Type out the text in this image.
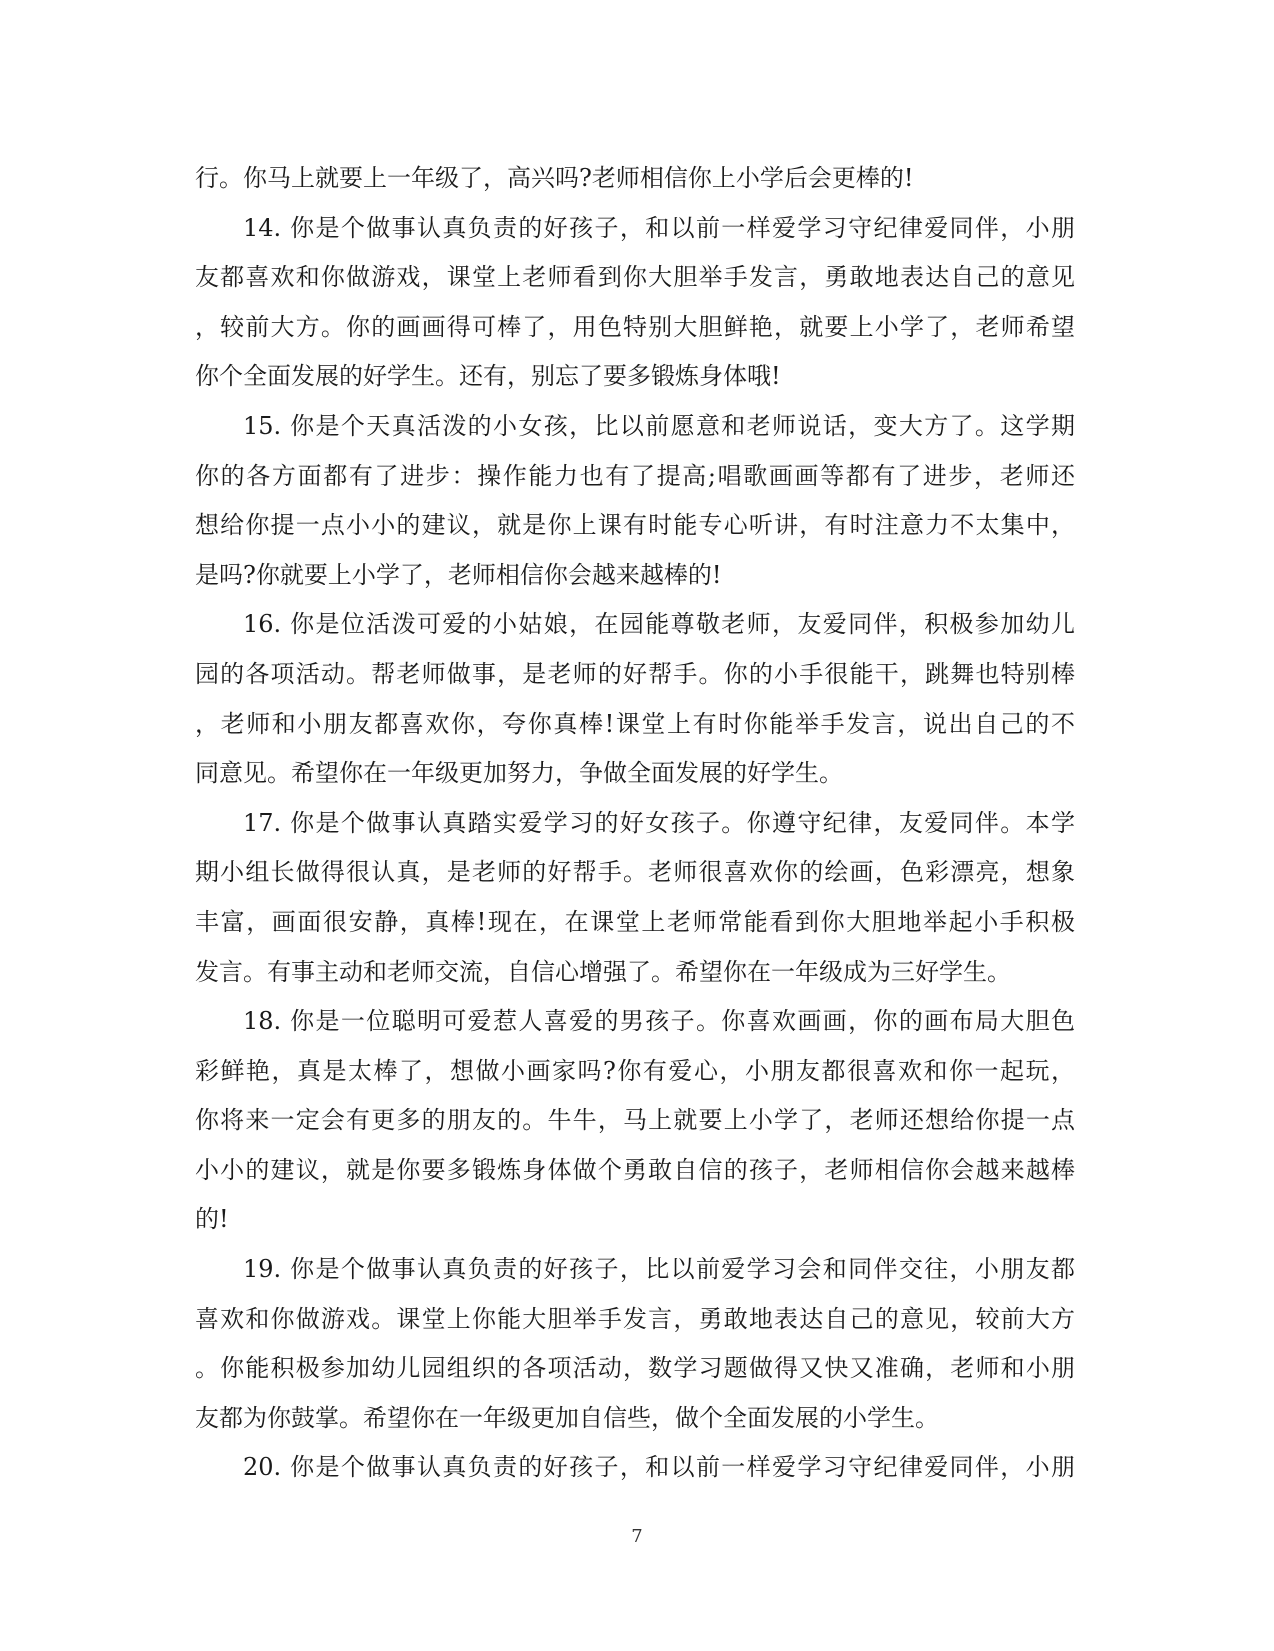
行。你马上就要上一年级了，高兴吗?老师相信你上小学后会更棒的!
14. 你是个做事认真负责的好孩子，和以前一样爱学习守纪律爱同伴，小朋
友都喜欢和你做游戏，课堂上老师看到你大胆举手发言，勇敢地表达自己的意见
，较前大方。你的画画得可棒了，用色特别大胆鲜艳，就要上小学了，老师希望
你个全面发展的好学生。还有，别忘了要多锻炼身体哦!
15. 你是个天真活泼的小女孩，比以前愿意和老师说话，变大方了。这学期
你的各方面都有了进步：操作能力也有了提高;唱歌画画等都有了进步，老师还
想给你提一点小小的建议，就是你上课有时能专心听讲，有时注意力不太集中，
是吗?你就要上小学了，老师相信你会越来越棒的!
16. 你是位活泼可爱的小姑娘，在园能尊敬老师，友爱同伴，积极参加幼儿
园的各项活动。帮老师做事，是老师的好帮手。你的小手很能干，跳舞也特别棒
，老师和小朋友都喜欢你，夸你真棒!课堂上有时你能举手发言，说出自己的不
同意见。希望你在一年级更加努力，争做全面发展的好学生。
17. 你是个做事认真踏实爱学习的好女孩子。你遵守纪律，友爱同伴。本学
期小组长做得很认真，是老师的好帮手。老师很喜欢你的绘画，色彩漂亮，想象
丰富，画面很安静，真棒!现在，在课堂上老师常能看到你大胆地举起小手积极
发言。有事主动和老师交流，自信心增强了。希望你在一年级成为三好学生。
18. 你是一位聪明可爱惹人喜爱的男孩子。你喜欢画画，你的画布局大胆色
彩鲜艳，真是太棒了，想做小画家吗?你有爱心，小朋友都很喜欢和你一起玩，
你将来一定会有更多的朋友的。牛牛，马上就要上小学了，老师还想给你提一点
小小的建议，就是你要多锻炼身体做个勇敢自信的孩子，老师相信你会越来越棒
的!
19. 你是个做事认真负责的好孩子，比以前爱学习会和同伴交往，小朋友都
喜欢和你做游戏。课堂上你能大胆举手发言，勇敢地表达自己的意见，较前大方
。你能积极参加幼儿园组织的各项活动，数学习题做得又快又准确，老师和小朋
友都为你鼓掌。希望你在一年级更加自信些，做个全面发展的小学生。
20. 你是个做事认真负责的好孩子，和以前一样爱学习守纪律爱同伴，小朋
7
